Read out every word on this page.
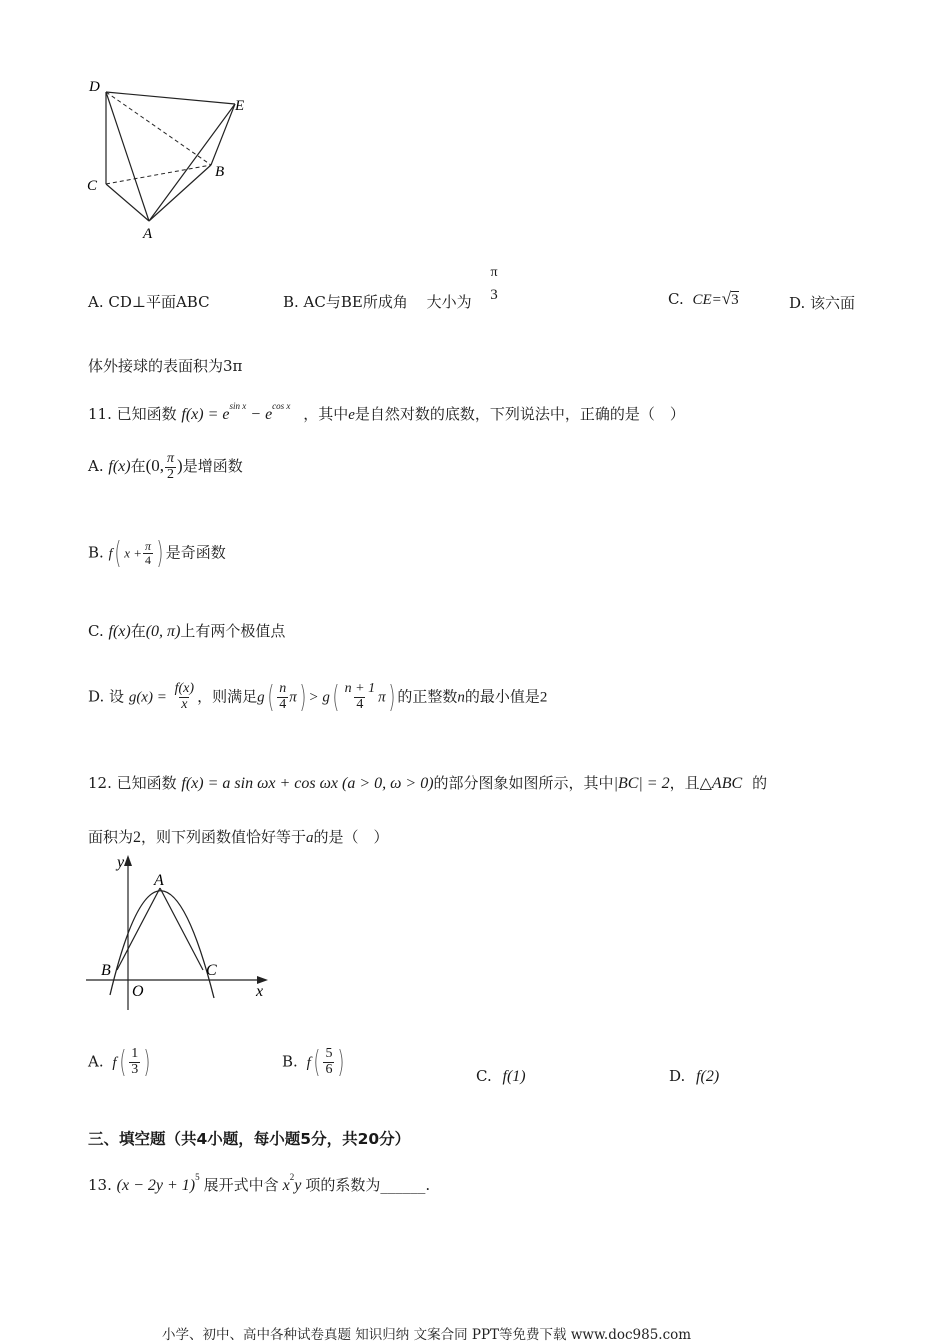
D
E
C
B
A
A. CD⊥平面ABC	B. AC与BE所成角 大小为
π
3	C. CE=√3	D. 该六面
体外接球的表面积为3π
11. 已知函数 $f(x) = e^{sin x} - e^{cos x}$ ，其中e是自然对数的底数，下列说法中，正确的是（　）
A. f(x)在(0, $\frac{\pi}{2}$ )是增函数
B. f( $x + \frac{\pi}{4}$ ) 是奇函数
C. f(x)在(0, π)上有两个极值点
D. 设 $g(x) = \frac{f(x)}{x}$ ，则满足$g( \frac{n}{4} \pi) > g( \frac{n + 1}{4} \pi)$ 的正整数n的最小值是2
12. 已知函数 f(x) = a sin ωx + cos ωx (a > 0, ω > 0)的部分图象如图所示，其中|BC| = 2，且△ABC 的
面积为2，则下列函数值恰好等于a的是（　）
y
A
B	C
O	x
A. $f( \frac{1}{3}$ )	B. $f( \frac{5}{6}$ )	C. f(1)	D. f(2)
三、填空题（共4小题，每小题5分，共20分）
13. $(x - 2y + 1)^5$ 展开式中含 $x^2y$ 项的系数为______.
小学、初中、高中各种试卷真题 知识归纳 文案合同 PPT等免费下载 www.doc985.com
